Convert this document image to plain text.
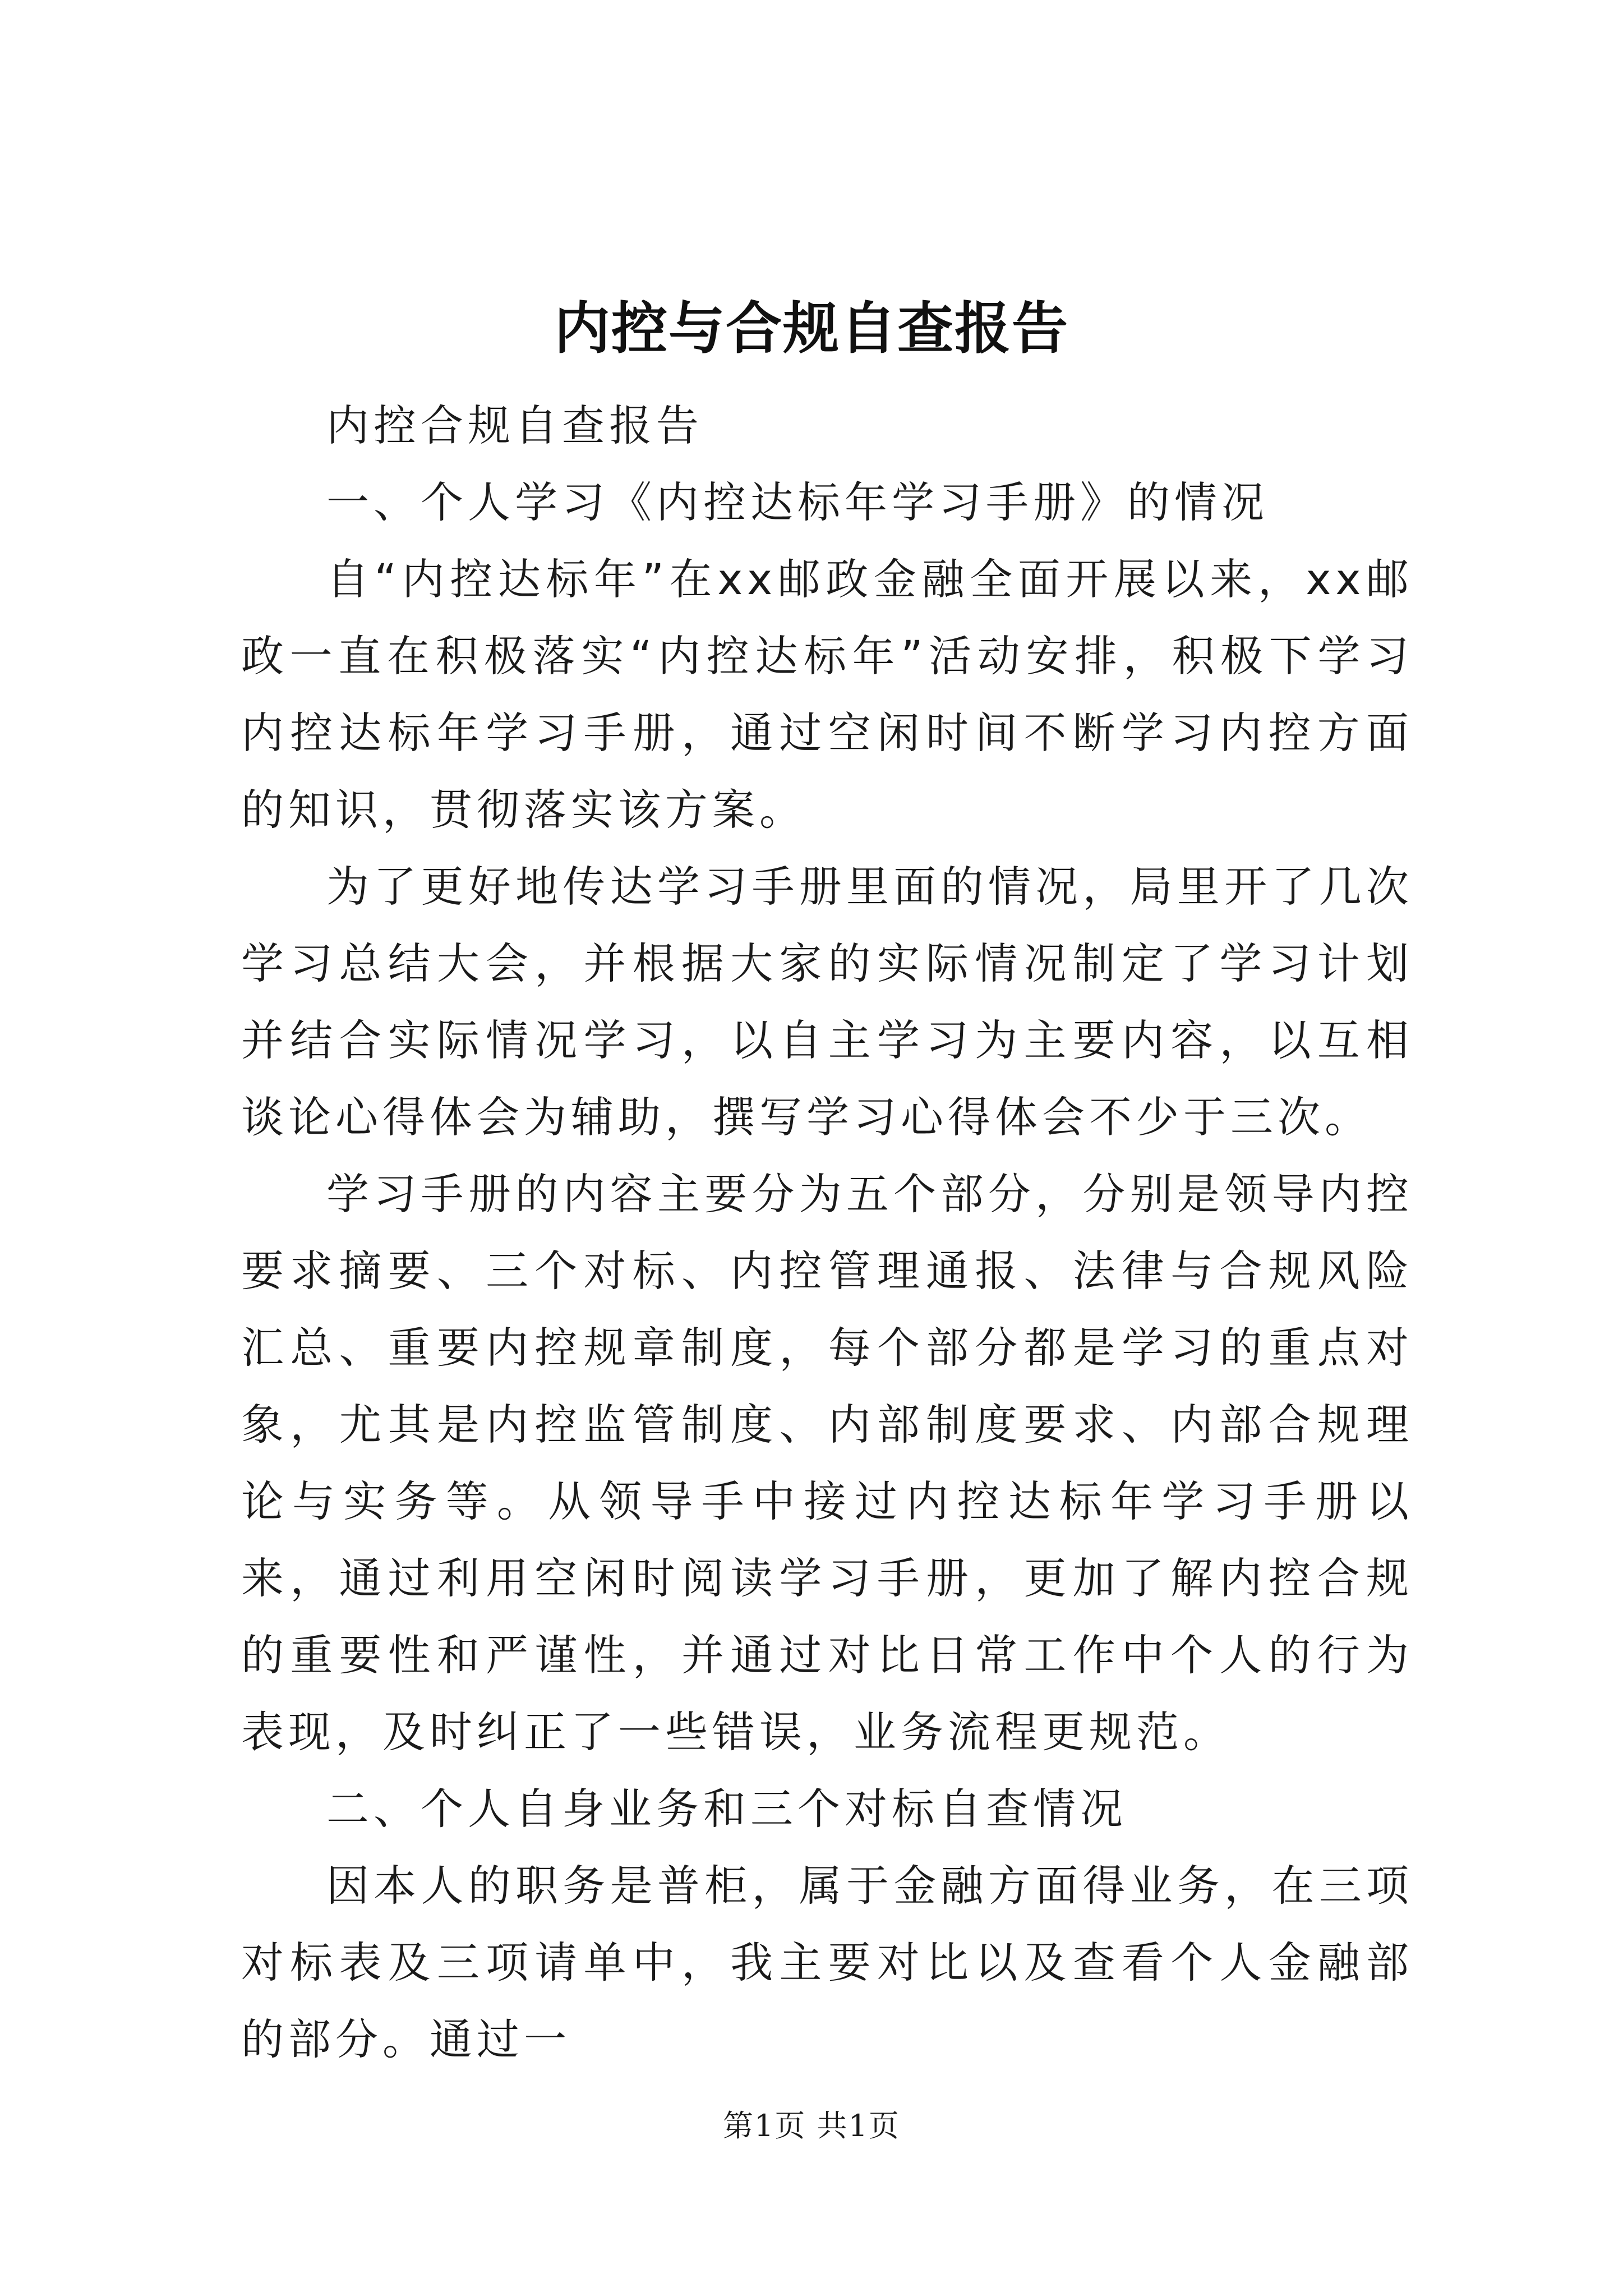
内控与合规自查报告

内控合规自查报告

一、个人学习《内控达标年学习手册》的情况

自“内控达标年”在xx邮政金融全面开展以来，xx邮政一直在积极落实“内控达标年”活动安排，积极下学习内控达标年学习手册，通过空闲时间不断学习内控方面的知识，贯彻落实该方案。

为了更好地传达学习手册里面的情况，局里开了几次学习总结大会，并根据大家的实际情况制定了学习计划并结合实际情况学习，以自主学习为主要内容，以互相谈论心得体会为辅助，撰写学习心得体会不少于三次。

学习手册的内容主要分为五个部分，分别是领导内控要求摘要、三个对标、内控管理通报、法律与合规风险汇总、重要内控规章制度，每个部分都是学习的重点对象，尤其是内控监管制度、内部制度要求、内部合规理论与实务等。从领导手中接过内控达标年学习手册以来，通过利用空闲时阅读学习手册，更加了解内控合规的重要性和严谨性，并通过对比日常工作中个人的行为表现，及时纠正了一些错误，业务流程更规范。

二、个人自身业务和三个对标自查情况

因本人的职务是普柜，属于金融方面得业务，在三项对标表及三项请单中，我主要对比以及查看个人金融部的部分。通过一

第1页 共1页
